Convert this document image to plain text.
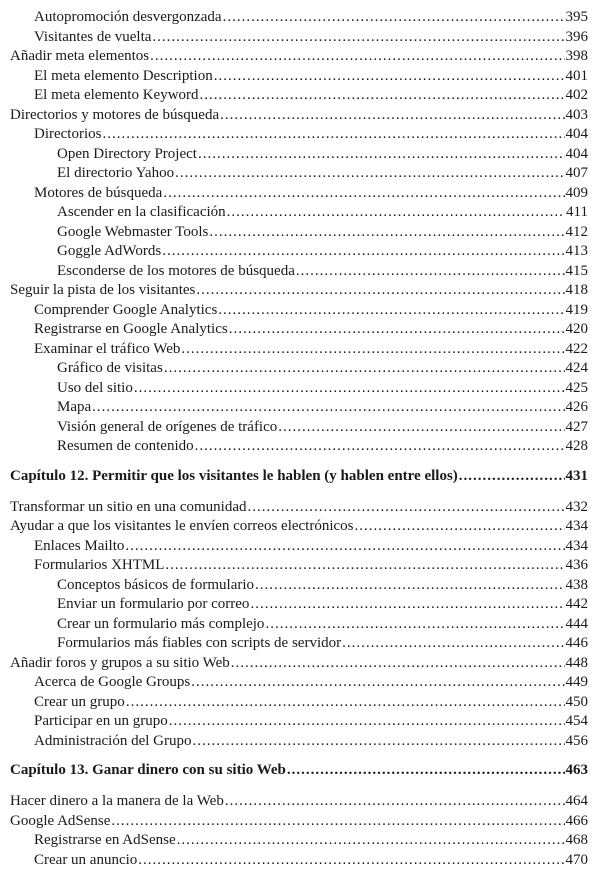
Autopromoción desvergonzada .....	395
Visitantes de vuelta .....	396
Añadir meta elementos .....	398
El meta elemento Description .....	401
El meta elemento Keyword .....	402
Directorios y motores de búsqueda .....	403
Directorios .....	404
Open Directory Project .....	404
El directorio Yahoo .....	407
Motores de búsqueda .....	409
Ascender en la clasificación .....	411
Google Webmaster Tools .....	412
Goggle AdWords .....	413
Esconderse de los motores de búsqueda .....	415
Seguir la pista de los visitantes .....	418
Comprender Google Analytics .....	419
Registrarse en Google Analytics .....	420
Examinar el tráfico Web .....	422
Gráfico de visitas .....	424
Uso del sitio .....	425
Mapa .....	426
Visión general de orígenes de tráfico .....	427
Resumen de contenido .....	428
Capítulo 12. Permitir que los visitantes le hablen (y hablen entre ellos) .....	431
Transformar un sitio en una comunidad .....	432
Ayudar a que los visitantes le envíen correos electrónicos .....	434
Enlaces Mailto .....	434
Formularios XHTML .....	436
Conceptos básicos de formulario .....	438
Enviar un formulario por correo .....	442
Crear un formulario más complejo .....	444
Formularios más fiables con scripts de servidor .....	446
Añadir foros y grupos a su sitio Web .....	448
Acerca de Google Groups .....	449
Crear un grupo .....	450
Participar en un grupo .....	454
Administración del Grupo .....	456
Capítulo 13. Ganar dinero con su sitio Web .....	463
Hacer dinero a la manera de la Web .....	464
Google AdSense .....	466
Registrarse en AdSense .....	468
Crear un anuncio .....	470
